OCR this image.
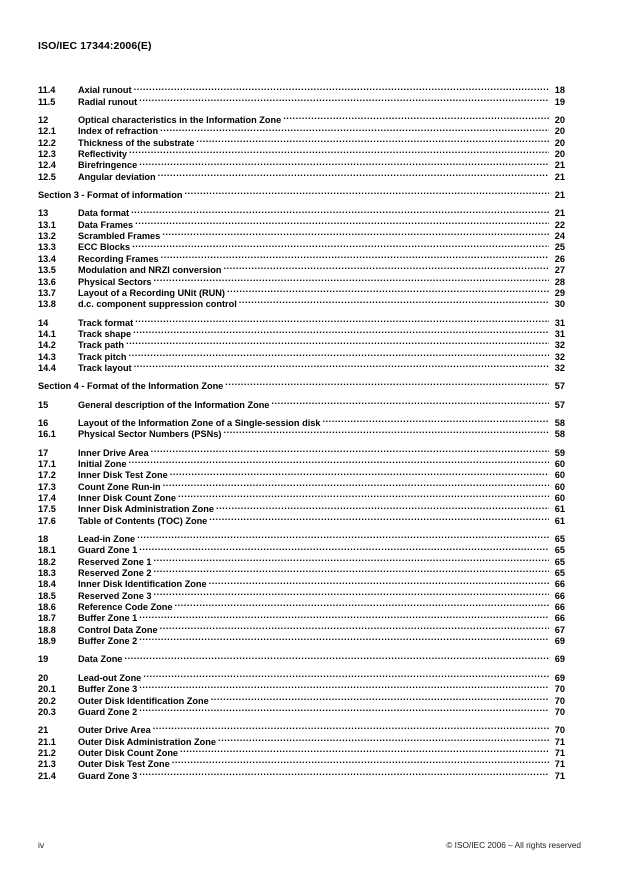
ISO/IEC 17344:2006(E)
11.4	Axial runout .....	18
11.5	Radial runout .....	19
12	Optical characteristics in the Information Zone .....	20
12.1	Index of refraction .....	20
12.2	Thickness of the substrate .....	20
12.3	Reflectivity .....	20
12.4	Birefringence .....	21
12.5	Angular deviation .....	21
Section 3 - Format of information .....	21
13	Data format .....	21
13.1	Data Frames .....	22
13.2	Scrambled Frames .....	24
13.3	ECC Blocks .....	25
13.4	Recording Frames .....	26
13.5	Modulation and NRZI conversion .....	27
13.6	Physical Sectors .....	28
13.7	Layout of a Recording UNit (RUN) .....	29
13.8	d.c. component suppression control .....	30
14	Track format .....	31
14.1	Track shape .....	31
14.2	Track path .....	32
14.3	Track pitch .....	32
14.4	Track layout .....	32
Section 4 - Format of the Information Zone .....	57
15	General description of the Information Zone .....	57
16	Layout of the Information Zone of a Single-session disk .....	58
16.1	Physical Sector Numbers (PSNs) .....	58
17	Inner Drive Area .....	59
17.1	Initial Zone .....	60
17.2	Inner Disk Test Zone .....	60
17.3	Count Zone Run-in .....	60
17.4	Inner Disk Count Zone .....	60
17.5	Inner Disk Administration Zone .....	61
17.6	Table of Contents (TOC) Zone .....	61
18	Lead-in Zone .....	65
18.1	Guard Zone 1 .....	65
18.2	Reserved Zone 1 .....	65
18.3	Reserved Zone 2 .....	65
18.4	Inner Disk Identification Zone .....	66
18.5	Reserved Zone 3 .....	66
18.6	Reference Code Zone .....	66
18.7	Buffer Zone 1 .....	66
18.8	Control Data Zone .....	67
18.9	Buffer Zone 2 .....	69
19	Data Zone .....	69
20	Lead-out Zone .....	69
20.1	Buffer Zone 3 .....	70
20.2	Outer Disk Identification Zone .....	70
20.3	Guard Zone 2 .....	70
21	Outer Drive Area .....	70
21.1	Outer Disk Administration Zone .....	71
21.2	Outer Disk Count Zone .....	71
21.3	Outer Disk Test Zone .....	71
21.4	Guard Zone 3 .....	71
iv	© ISO/IEC 2006 – All rights reserved
